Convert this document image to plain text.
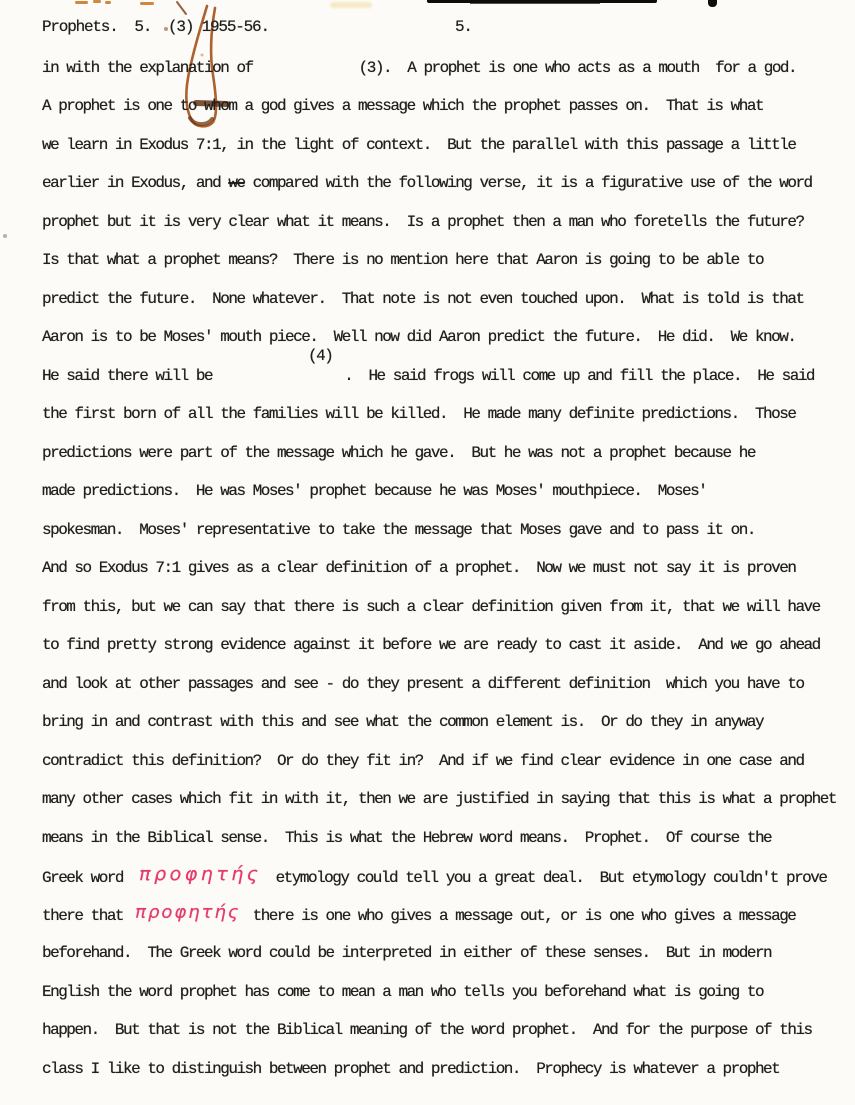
Prophets.  5.  (3) 1955-56.	5.
in with the explanation of	(3).  A prophet is one who acts as a mouth  for a god.
A prophet is one to whom a god gives a message which the prophet passes on.  That is what
we learn in Exodus 7:1, in the light of context.  But the parallel with this passage a little
earlier in Exodus, and we compared with the following verse, it is a figurative use of the word
prophet but it is very clear what it means.  Is a prophet then a man who foretells the future?
Is that what a prophet means?  There is no mention here that Aaron is going to be able to
predict the future.  None whatever.  That note is not even touched upon.  What is told is that
Aaron is to be Moses' mouth piece.  Well now did Aaron predict the future.  He did.  We know.
(4)
He said there will be	.  He said frogs will come up and fill the place.  He said
the first born of all the families will be killed.  He made many definite predictions.  Those
predictions were part of the message which he gave.  But he was not a prophet because he
made predictions.  He was Moses' prophet because he was Moses' mouthpiece.  Moses'
spokesman.  Moses' representative to take the message that Moses gave and to pass it on.
And so Exodus 7:1 gives as a clear definition of a prophet.  Now we must not say it is proven
from this, but we can say that there is such a clear definition given from it, that we will have
to find pretty strong evidence against it before we are ready to cast it aside.  And we go ahead
and look at other passages and see - do they present a different definition  which you have to
bring in and contrast with this and see what the common element is.  Or do they in anyway
contradict this definition?  Or do they fit in?  And if we find clear evidence in one case and
many other cases which fit in with it, then we are justified in saying that this is what a prophet
means in the Biblical sense.  This is what the Hebrew word means.  Prophet.  Of course the
Greek word προφητής etymology could tell you a great deal.  But etymology couldn't prove
there that προφητής there is one who gives a message out, or is one who gives a message
beforehand.  The Greek word could be interpreted in either of these senses.  But in modern
English the word prophet has come to mean a man who tells you beforehand what is going to
happen.  But that is not the Biblical meaning of the word prophet.  And for the purpose of this
class I like to distinguish between prophet and prediction.  Prophecy is whatever a prophet
